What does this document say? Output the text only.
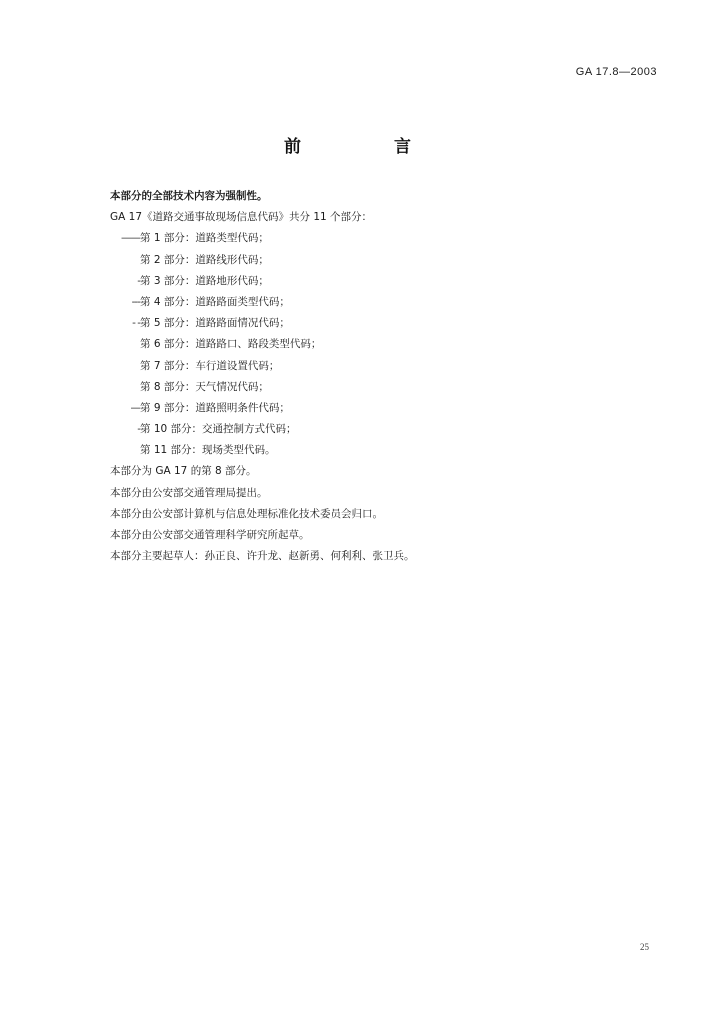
GA 17.8—2003
前　言
本部分的全部技术内容为强制性。
GA 17《道路交通事故现场信息代码》共分 11 个部分：
——第 1 部分：道路类型代码；
第 2 部分：道路线形代码；
-第 3 部分：道路地形代码；
---第 4 部分：道路路面类型代码；
- -第 5 部分：道路路面情况代码；
第 6 部分：道路路口、路段类型代码；
第 7 部分：车行道设置代码；
第 8 部分：天气情况代码；
—第 9 部分：道路照明条件代码；
-第 10 部分：交通控制方式代码；
第 11 部分：现场类型代码。
本部分为 GA 17 的第 8 部分。
本部分由公安部交通管理局提出。
本部分由公安部计算机与信息处理标准化技术委员会归口。
本部分由公安部交通管理科学研究所起草。
本部分主要起草人：孙正良、许升龙、赵新勇、何利利、张卫兵。
25
